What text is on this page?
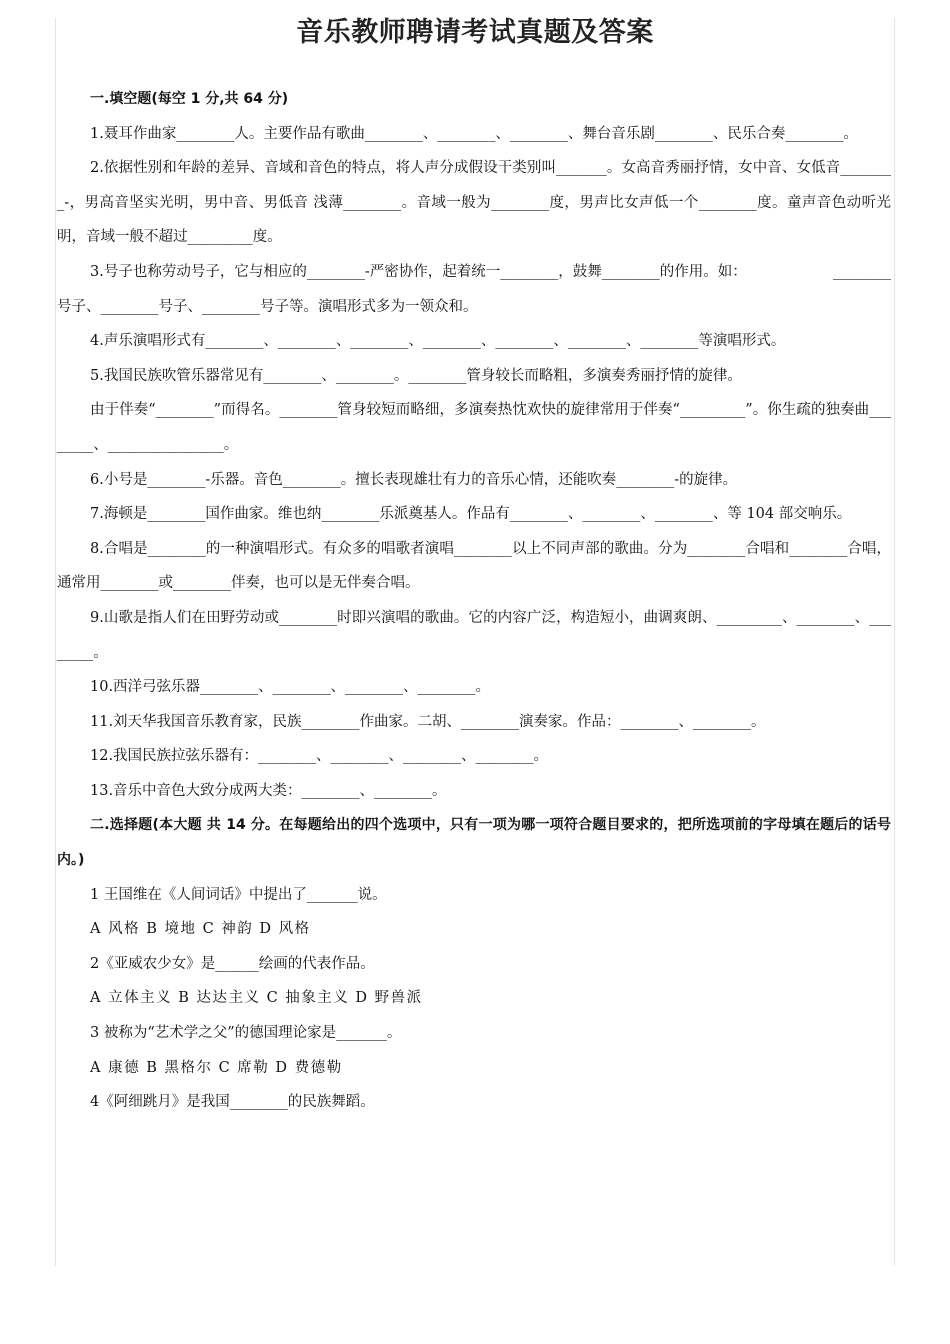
音乐教师聘请考试真题及答案

一.填空题(每空 1 分,共 64 分)

1.聂耳作曲家________人。主要作品有歌曲________、________、________、舞台音乐剧________、民乐合奏________。

2.依据性别和年龄的差异、音域和音色的特点，将人声分成假设干类别叫_______。女高音秀丽抒情，女中音、女低音________-，男高音坚实光明，男中音、男低音 浅薄________。音域一般为________度，男声比女声低一个________度。童声音色动听光明，音域一般不超过_________度。

3.号子也称劳动号子，它与相应的________-严密协作，起着统一________，鼓舞________的作用。如：	________

号子、________号子、________号子等。演唱形式多为一领众和。

4.声乐演唱形式有________、________、________、________、________、________、________等演唱形式。

5.我国民族吹管乐器常见有________、________。________管身较长而略粗，多演奏秀丽抒情的旋律。

由于伴奏“________”而得名。________管身较短而略细，多演奏热忱欢快的旋律常用于伴奏“_________”。你生疏的独奏曲________、________________。

6.小号是________-乐器。音色________。擅长表现雄壮有力的音乐心情，还能吹奏________-的旋律。

7.海顿是________国作曲家。维也纳________乐派奠基人。作品有________、________、________、等 104 部交响乐。

8.合唱是________的一种演唱形式。有众多的唱歌者演唱________以上不同声部的歌曲。分为________合唱和________合唱，通常用________或________伴奏，也可以是无伴奏合唱。

9.山歌是指人们在田野劳动或________时即兴演唱的歌曲。它的内容广泛，构造短小，曲调爽朗、_________、________、________。

10.西洋弓弦乐器________、________、________、________。

11.刘天华我国音乐教育家，民族________作曲家。二胡、________演奏家。作品：________、________。

12.我国民族拉弦乐器有：________、________、________、________。

13.音乐中音色大致分成两大类：________、________。

二.选择题(本大题 共 14 分。在每题给出的四个选项中，只有一项为哪一项符合题目要求的，把所选项前的字母填在题后的话号内。)

1 王国维在《人间词话》中提出了_______说。

A 风格 B 境地 C 神韵 D 风格

2《亚威农少女》是______绘画的代表作品。

A 立体主义 B 达达主义 C 抽象主义 D 野兽派

3 被称为“艺术学之父”的德国理论家是_______。

A 康德 B 黑格尔 C 席勒 D 费德勒

4《阿细跳月》是我国________的民族舞蹈。
